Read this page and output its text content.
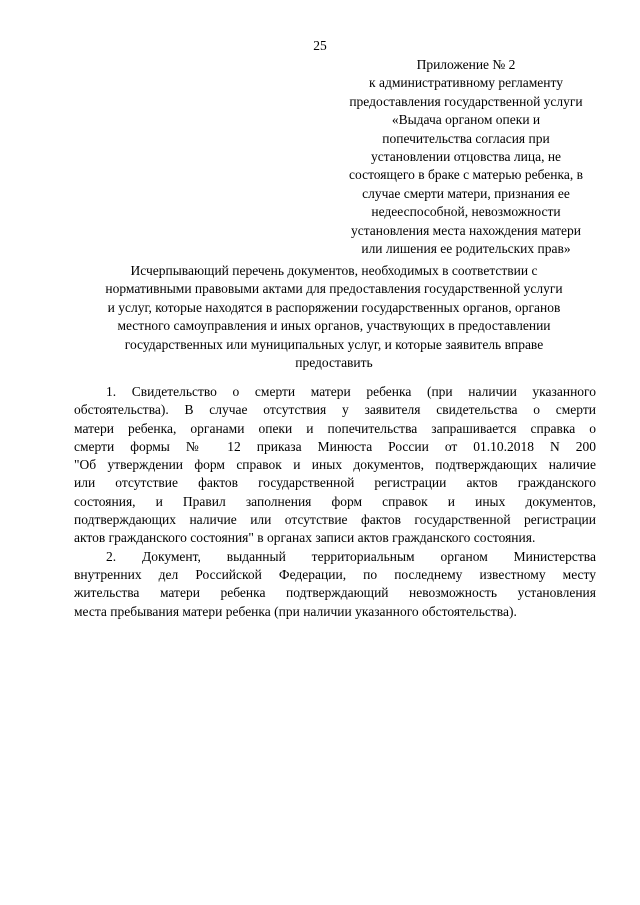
25
Приложение № 2
к административному регламенту
предоставления государственной услуги
«Выдача органом опеки и
попечительства согласия при
установлении отцовства лица, не
состоящего в браке с матерью ребенка, в
случае смерти матери, признания ее
недееспособной, невозможности
установления места нахождения матери
или лишения ее родительских прав»
Исчерпывающий перечень документов, необходимых в соответствии с
нормативными правовыми актами для предоставления государственной услуги
и услуг, которые находятся в распоряжении государственных органов, органов
местного самоуправления и иных органов, участвующих в предоставлении
государственных или муниципальных услуг, и которые заявитель вправе
предоставить
1. Свидетельство о смерти матери ребенка (при наличии указанного
обстоятельства). В случае отсутствия у заявителя свидетельства о смерти
матери ребенка, органами опеки и попечительства запрашивается справка о
смерти формы № 12 приказа Минюста России от 01.10.2018 N 200
"Об утверждении форм справок и иных документов, подтверждающих наличие
или отсутствие фактов государственной регистрации актов гражданского
состояния, и Правил заполнения форм справок и иных документов,
подтверждающих наличие или отсутствие фактов государственной регистрации
актов гражданского состояния" в органах записи актов гражданского состояния.
2. Документ, выданный территориальным органом Министерства
внутренних дел Российской Федерации, по последнему известному месту
жительства матери ребенка подтверждающий невозможность установления
места пребывания матери ребенка (при наличии указанного обстоятельства).
